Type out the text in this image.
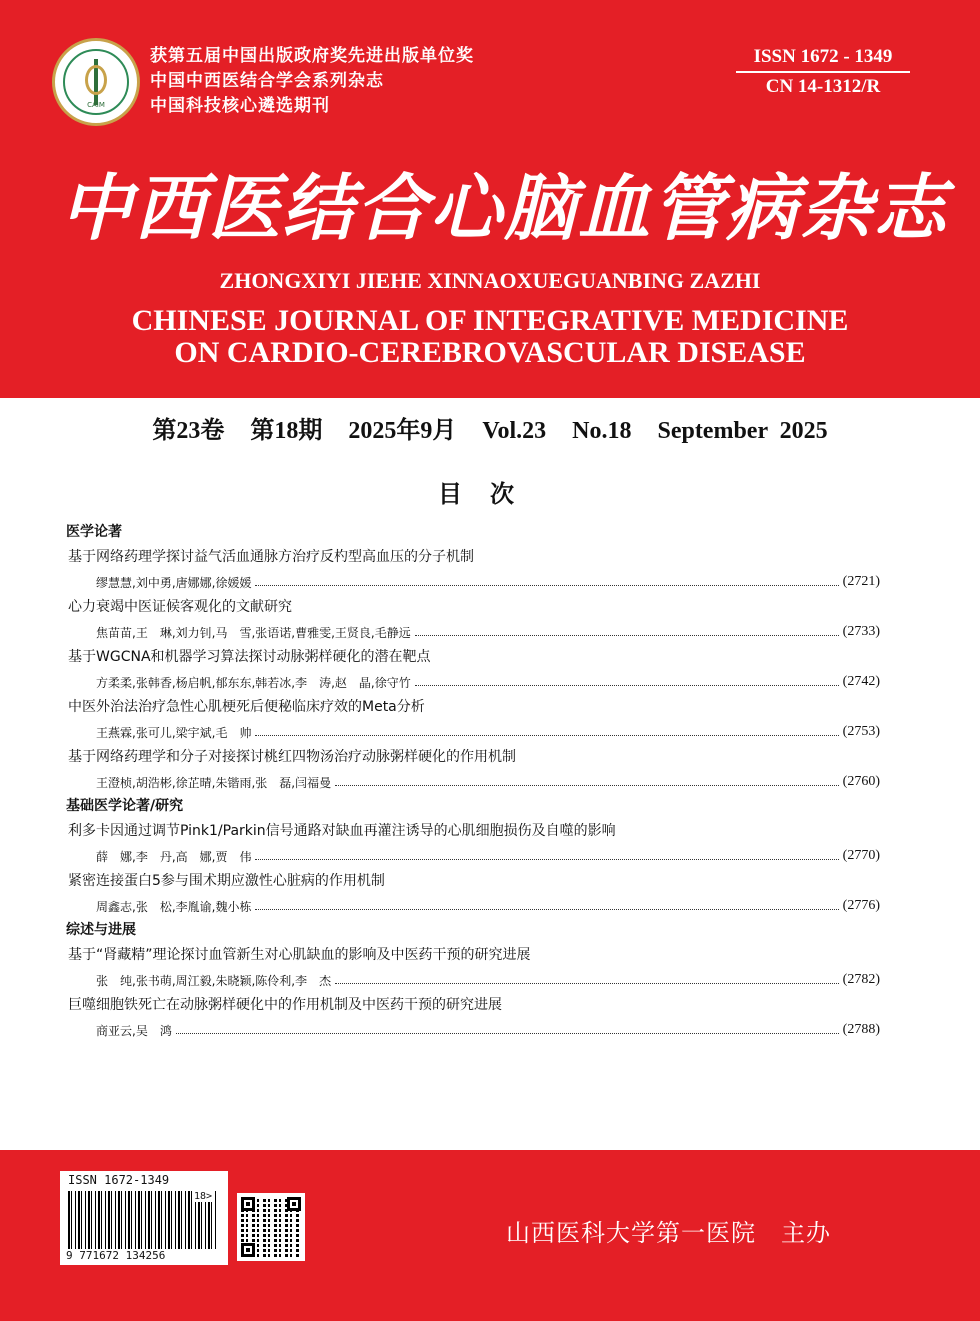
CAIM
获第五届中国出版政府奖先进出版单位奖
中国中西医结合学会系列杂志
中国科技核心遴选期刊
ISSN 1672 - 1349
CN 14-1312/R
中西医结合心脑血管病杂志
ZHONGXIYI JIEHE XINNAOXUEGUANBING ZAZHI
CHINESE JOURNAL OF INTEGRATIVE MEDICINE
ON CARDIO-CEREBROVASCULAR DISEASE
第23卷 第18期 2025年9月 Vol.23 No.18 September  2025
目次
医学论著
基于网络药理学探讨益气活血通脉方治疗反杓型高血压的分子机制
缪慧慧,刘中勇,唐娜娜,徐媛媛	(2721)
心力衰竭中医证候客观化的文献研究
焦苗苗,王　琳,刘力钊,马　雪,张语诺,曹雅雯,王贤良,毛静远	(2733)
基于WGCNA和机器学习算法探讨动脉粥样硬化的潜在靶点
方柔柔,张韩香,杨启帆,郁东东,韩若冰,李　涛,赵　晶,徐守竹	(2742)
中医外治法治疗急性心肌梗死后便秘临床疗效的Meta分析
王燕霖,张可儿,梁宇斌,毛　帅	(2753)
基于网络药理学和分子对接探讨桃红四物汤治疗动脉粥样硬化的作用机制
王澄桢,胡浩彬,徐芷晴,朱锴雨,张　磊,闫福曼	(2760)
基础医学论著/研究
利多卡因通过调节Pink1/Parkin信号通路对缺血再灌注诱导的心肌细胞损伤及自噬的影响
薛　娜,李　丹,高　娜,贾　伟	(2770)
紧密连接蛋白5参与围术期应激性心脏病的作用机制
周鑫志,张　松,李胤谕,魏小栋	(2776)
综述与进展
基于“肾藏精”理论探讨血管新生对心肌缺血的影响及中医药干预的研究进展
张　纯,张书萌,周江毅,朱晓颖,陈伶利,李　杰	(2782)
巨噬细胞铁死亡在动脉粥样硬化中的作用机制及中医药干预的研究进展
商亚云,吴　鸿	(2788)
ISSN 1672-1349
18>
9 771672 134256
山西医科大学第一医院　主办
